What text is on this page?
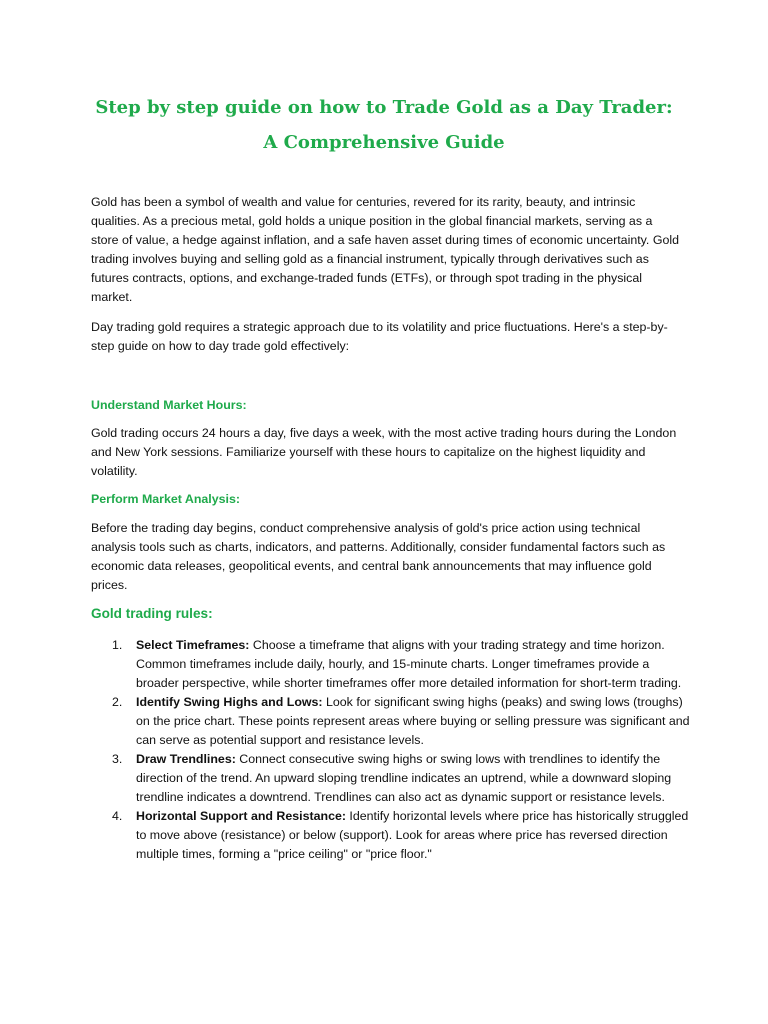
Step by step guide on how to Trade Gold as a Day Trader:
A Comprehensive Guide

Gold has been a symbol of wealth and value for centuries, revered for its rarity, beauty, and intrinsic qualities. As a precious metal, gold holds a unique position in the global financial markets, serving as a store of value, a hedge against inflation, and a safe haven asset during times of economic uncertainty. Gold trading involves buying and selling gold as a financial instrument, typically through derivatives such as futures contracts, options, and exchange-traded funds (ETFs), or through spot trading in the physical market.

Day trading gold requires a strategic approach due to its volatility and price fluctuations. Here's a step-by-step guide on how to day trade gold effectively:

Understand Market Hours:

Gold trading occurs 24 hours a day, five days a week, with the most active trading hours during the London and New York sessions. Familiarize yourself with these hours to capitalize on the highest liquidity and volatility.

Perform Market Analysis:

Before the trading day begins, conduct comprehensive analysis of gold's price action using technical analysis tools such as charts, indicators, and patterns. Additionally, consider fundamental factors such as economic data releases, geopolitical events, and central bank announcements that may influence gold prices.

Gold trading rules:
1. Select Timeframes: Choose a timeframe that aligns with your trading strategy and time horizon. Common timeframes include daily, hourly, and 15-minute charts. Longer timeframes provide a broader perspective, while shorter timeframes offer more detailed information for short-term trading.
2. Identify Swing Highs and Lows: Look for significant swing highs (peaks) and swing lows (troughs) on the price chart. These points represent areas where buying or selling pressure was significant and can serve as potential support and resistance levels.
3. Draw Trendlines: Connect consecutive swing highs or swing lows with trendlines to identify the direction of the trend. An upward sloping trendline indicates an uptrend, while a downward sloping trendline indicates a downtrend. Trendlines can also act as dynamic support or resistance levels.
4. Horizontal Support and Resistance: Identify horizontal levels where price has historically struggled to move above (resistance) or below (support). Look for areas where price has reversed direction multiple times, forming a "price ceiling" or "price floor."
